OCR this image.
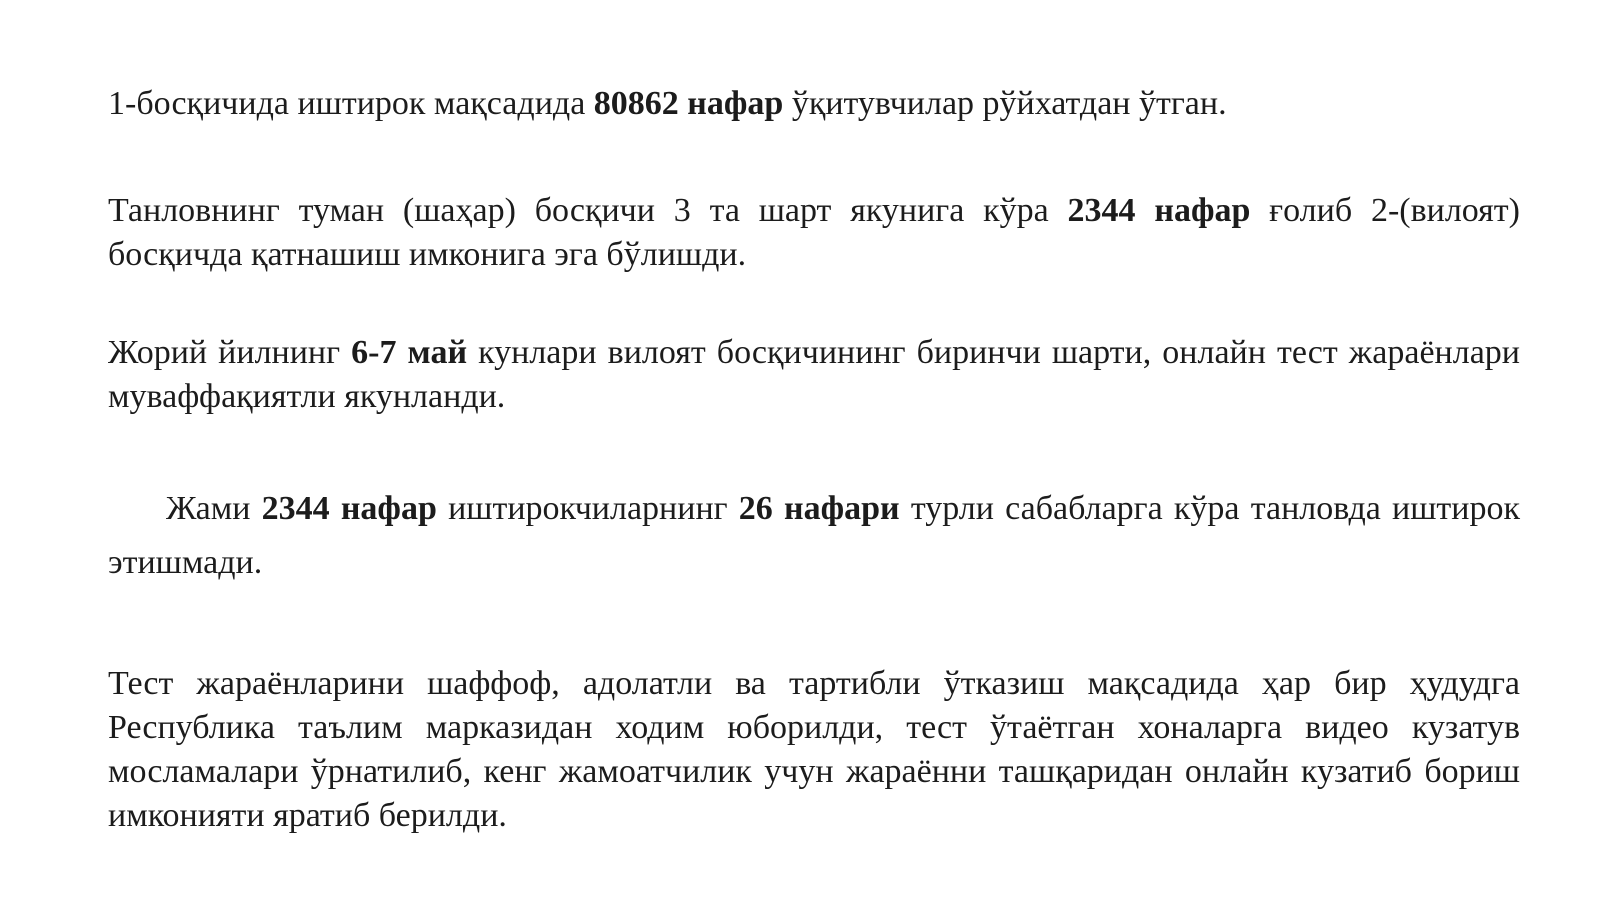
1-босқичида иштирок мақсадида 80862 нафар ўқитувчилар рўйхатдан ўтган.

Танловнинг туман (шаҳар) босқичи 3 та шарт якунига кўра 2344 нафар ғолиб 2-(вилоят) босқичда қатнашиш имконига эга бўлишди.

Жорий йилнинг 6-7 май кунлари вилоят босқичининг биринчи шарти, онлайн тест жараёнлари муваффақиятли якунланди.

Жами 2344 нафар иштирокчиларнинг 26 нафари турли сабабларга кўра танловда иштирок этишмади.

Тест жараёнларини шаффоф, адолатли ва тартибли ўтказиш мақсадида ҳар бир ҳудудга Республика таълим марказидан ходим юборилди, тест ўтаётган хоналарга видео кузатув мосламалари ўрнатилиб, кенг жамоатчилик учун жараённи ташқаридан онлайн кузатиб бориш имконияти яратиб берилди.
